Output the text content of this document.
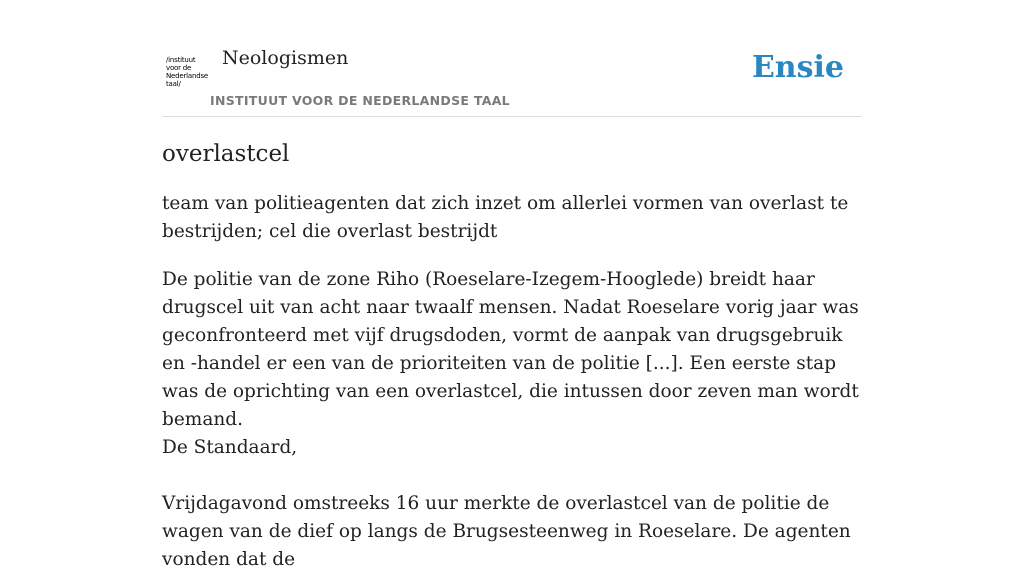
/instituut
voor de
Nederlandse
taal/
Neologismen
INSTITUUT VOOR DE NEDERLANDSE TAAL
Ensie
overlastcel

team van politieagenten dat zich inzet om allerlei vormen van overlast te bestrijden; cel die overlast bestrijdt

De politie van de zone Riho (Roeselare-Izegem-Hooglede) breidt haar drugscel uit van acht naar twaalf mensen. Nadat Roeselare vorig jaar was geconfronteerd met vijf drugsdoden, vormt de aanpak van drugsgebruik en -handel er een van de prioriteiten van de politie [...]. Een eerste stap was de oprichting van een overlastcel, die intussen door zeven man wordt bemand.

De Standaard,

Vrijdagavond omstreeks 16 uur merkte de overlastcel van de politie de wagen van de dief op langs de Brugsesteenweg in Roeselare. De agenten vonden dat de
